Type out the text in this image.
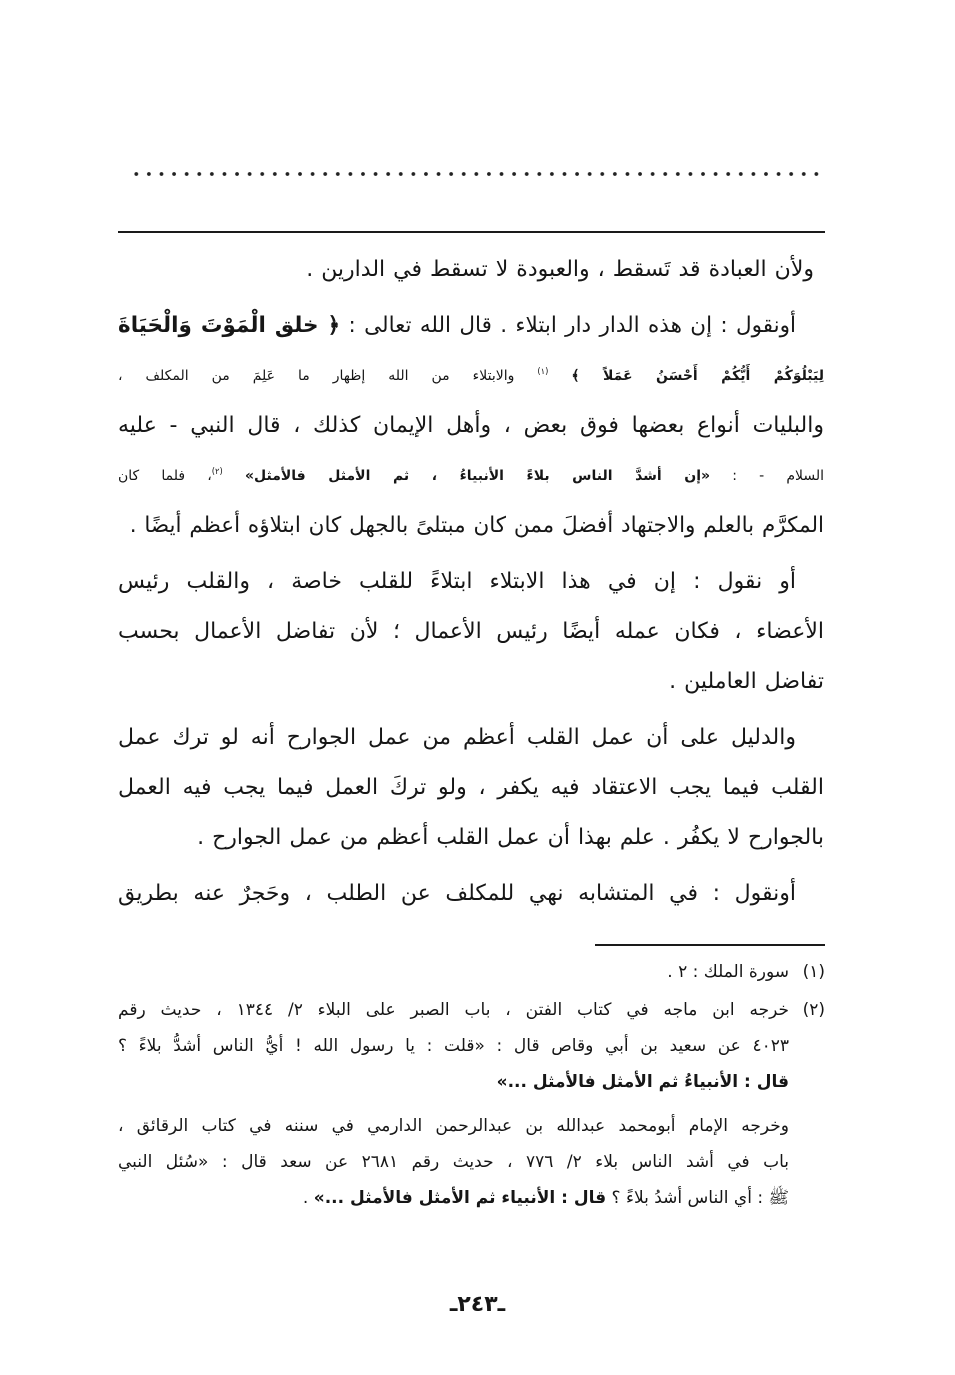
ولأن العبادة قد تَسقط ، والعبودة لا تسقط في الدارين .
أونقول : إن هذه الدار دار ابتلاء . قال الله تعالى : ﴿ خلق الْمَوْتَ وَالْحَيَاةَ
لِيَبْلُوَكُمْ أَيُّكُمْ أَحْسَنُ عَمَلاً ﴾ $^{(١)}$ والابتلاء من الله إظهار ما عَلِمَ من المكلف ،
والبليات أنواع بعضها فوق بعض ، وأهل الإيمان كذلك ، قال النبي - عليه
السلام - : «إن أشدَّ الناس بلاءً الأنبياءُ ، ثم الأمثل فالأمثل» $^{(٢)}$، فلما كان
المكرَّم بالعلم والاجتهاد أفضلَ ممن كان مبتلىً بالجهل كان ابتلاؤه أعظم أيضًا .
أو نقول : إن في هذا الابتلاء ابتلاءً للقلب خاصة ، والقلب رئيس
الأعضاء ، فكان عمله أيضًا رئيس الأعمال ؛ لأن تفاضل الأعمال بحسب
تفاضل العاملين .
والدليل على أن عمل القلب أعظم من عمل الجوارح أنه لو ترك عمل
القلب فيما يجب الاعتقاد فيه يكفر ، ولو تركَ العمل فيما يجب فيه العمل
بالجوارح لا يكفُر . علم بهذا أن عمل القلب أعظم من عمل الجوارح .
أونقول : في المتشابه نهي للمكلف عن الطلب ، وحَجرٌ عنه بطريق
(١)
سورة الملك : ٢ .
(٢)
خرجه ابن ماجه في كتاب الفتن ، باب الصبر على البلاء ٢/ ١٣٤٤ ، حديث رقم
٤٠٢٣ عن سعيد بن أبي وقاص قال : «قلت : يا رسول الله ! أيُّ الناس أشدُّ بلاءً ؟
قال : الأنبياءُ ثم الأمثل فالأمثل ...»
وخرجه الإمام أبومحمد عبدالله بن عبدالرحمن الدارمي في سننه في كتاب الرقائق ،
باب في أشد الناس بلاء ٢/ ٧٧٦ ، حديث رقم ٢٦٨١ عن سعد قال : «سُئل النبي
ﷺ : أي الناس أشدُ بلاءً ؟ قال : الأنبياء ثم الأمثل فالأمثل ...» .
ـ٢٤٣ـ
